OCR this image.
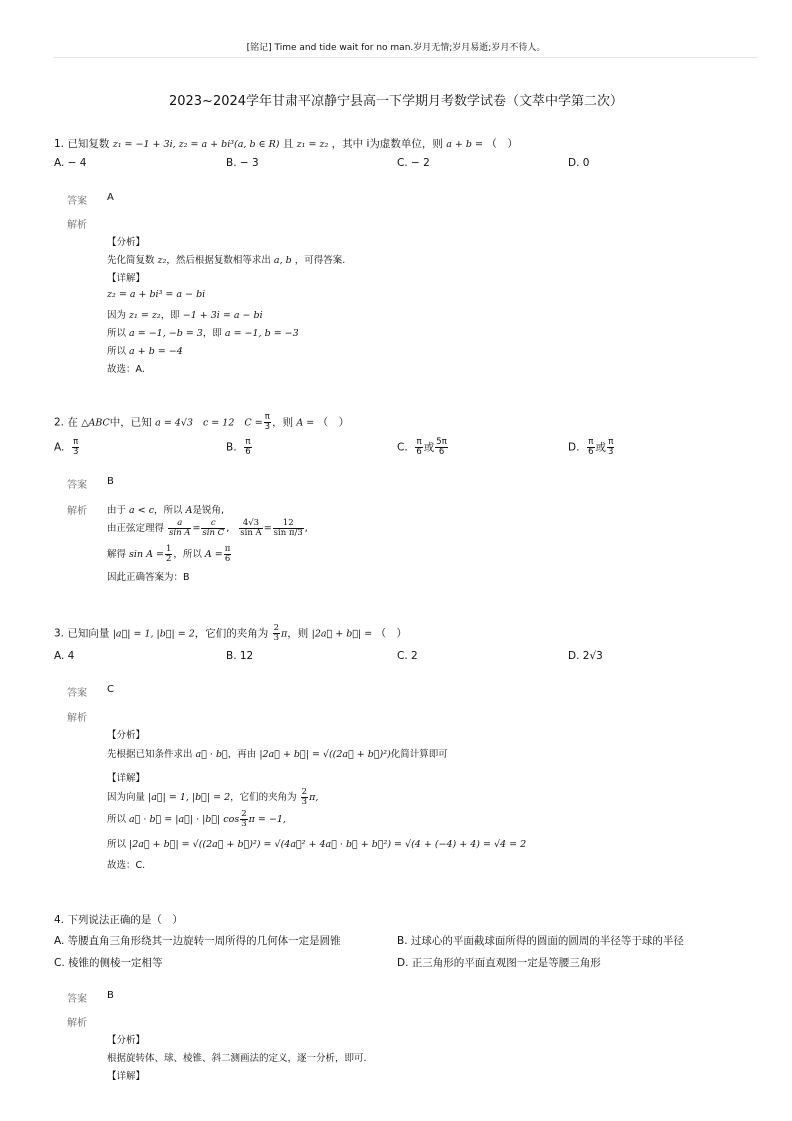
[铭记] Time and tide wait for no man.岁月无情;岁月易逝;岁月不待人。
2023~2024学年甘肃平凉静宁县高一下学期月考数学试卷（文萃中学第二次）
1. 已知复数 z₁ = −1 + 3i, z₂ = a + bi³(a, b ∈ R) 且 z₁ = z₂ ，其中 i为虚数单位，则 a + b = （　）
A. − 4	B. − 3	C. − 2	D. 0
答案 A
解析
【分析】
先化简复数 z₂，然后根据复数相等求出 a, b ，可得答案.
【详解】
z₂ = a + bi³ = a − bi
因为 z₁ = z₂，即 −1 + 3i = a − bi
所以 a = −1, −b = 3，即 a = −1, b = −3
所以 a + b = −4
故选：A.
2. 在 △ABC中，已知 a = 4√3 c = 12 $C = \frac{\pi}{3}$ ，则 A = （　）
A. $\frac{\pi}{3}$	B. $\frac{\pi}{6}$	C. $\frac{\pi}{6}$ 或 $\frac{5\pi}{6}$	D. $\frac{\pi}{6}$ 或 $\frac{\pi}{3}$
答案 B
解析 由于 a < c，所以 A是锐角,
由正弦定理得 $\frac{a}{\text{sin A}} = \frac{c}{\text{sin C}}$ , $\frac{4√3}{\text{sin A}} = \frac{12}{\text{sin π/3}}$ ,
解得 $\sin A = \frac{1}{2}$ ，所以 $A = \frac{\pi}{6}$
因此正确答案为：B
3. 已知向量 |a⃗| = 1, |b⃗| = 2，它们的夹角为 $\frac{2}{3}$ π，则 |2a⃗ + b⃗| = （　）
A. 4	B. 12	C. 2	D. 2√3
答案 C
解析
【分析】
先根据已知条件求出 a⃗ · b⃗，再由 |2a⃗ + b⃗| = √((2a⃗ + b⃗)²)化简计算即可
【详解】
因为向量 |a⃗| = 1, |b⃗| = 2，它们的夹角为 $\frac{2}{3} \pi$,
所以 a⃗ · b⃗ = |a⃗| · |b⃗| $\cos \frac{2}{3}$ π = −1,
所以 |2a⃗ + b⃗| = √((2a⃗ + b⃗)²) = √(4a⃗² + 4a⃗ · b⃗ + b⃗²) = √(4 + (−4) + 4) = √4 = 2
故选：C.
4. 下列说法正确的是（　）
A. 等腰直角三角形绕其一边旋转一周所得的几何体一定是圆锥	B. 过球心的平面截球面所得的圆面的圆周的半径等于球的半径
C. 棱锥的侧棱一定相等	D. 正三角形的平面直观图一定是等腰三角形
答案 B
解析
【分析】
根据旋转体、球、棱锥、斜二测画法的定义，逐一分析，即可.
【详解】
